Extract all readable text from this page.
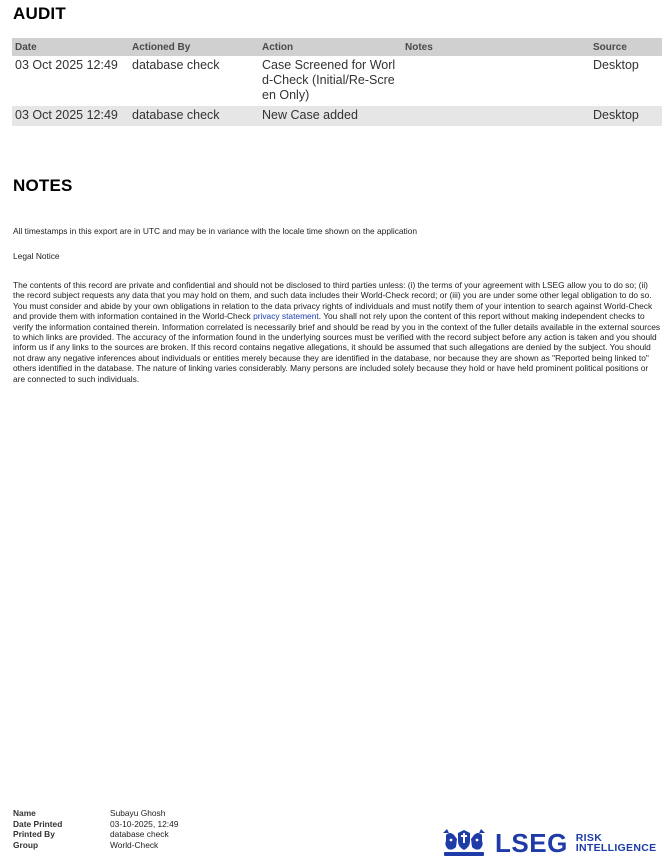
AUDIT
Date	Actioned By	Action	Notes	Source
03 Oct 2025 12:49	database check	Case Screened for World-Check (Initial/Re-Screen Only)		Desktop
03 Oct 2025 12:49	database check	New Case added		Desktop
NOTES
All timestamps in this export are in UTC and may be in variance with the locale time shown on the application
Legal Notice
The contents of this record are private and confidential and should not be disclosed to third parties unless: (i) the terms of your agreement with LSEG allow you to do so; (ii) the record subject requests any data that you may hold on them, and such data includes their World-Check record; or (iii) you are under some other legal obligation to do so. You must consider and abide by your own obligations in relation to the data privacy rights of individuals and must notify them of your intention to search against World-Check and provide them with information contained in the World-Check privacy statement. You shall not rely upon the content of this report without making independent checks to verify the information contained therein. Information correlated is necessarily brief and should be read by you in the context of the fuller details available in the external sources to which links are provided. The accuracy of the information found in the underlying sources must be verified with the record subject before any action is taken and you should inform us if any links to the sources are broken. If this record contains negative allegations, it should be assumed that such allegations are denied by the subject. You should not draw any negative inferences about individuals or entities merely because they are identified in the database, nor because they are shown as "Reported being linked to" others identified in the database. The nature of linking varies considerably. Many persons are included solely because they hold or have held prominent political positions or are connected to such individuals.
Name	Subayu Ghosh
Date Printed	03-10-2025, 12:49
Printed By	database check
Group	World-Check	LSEG RISK
INTELLIGENCE
